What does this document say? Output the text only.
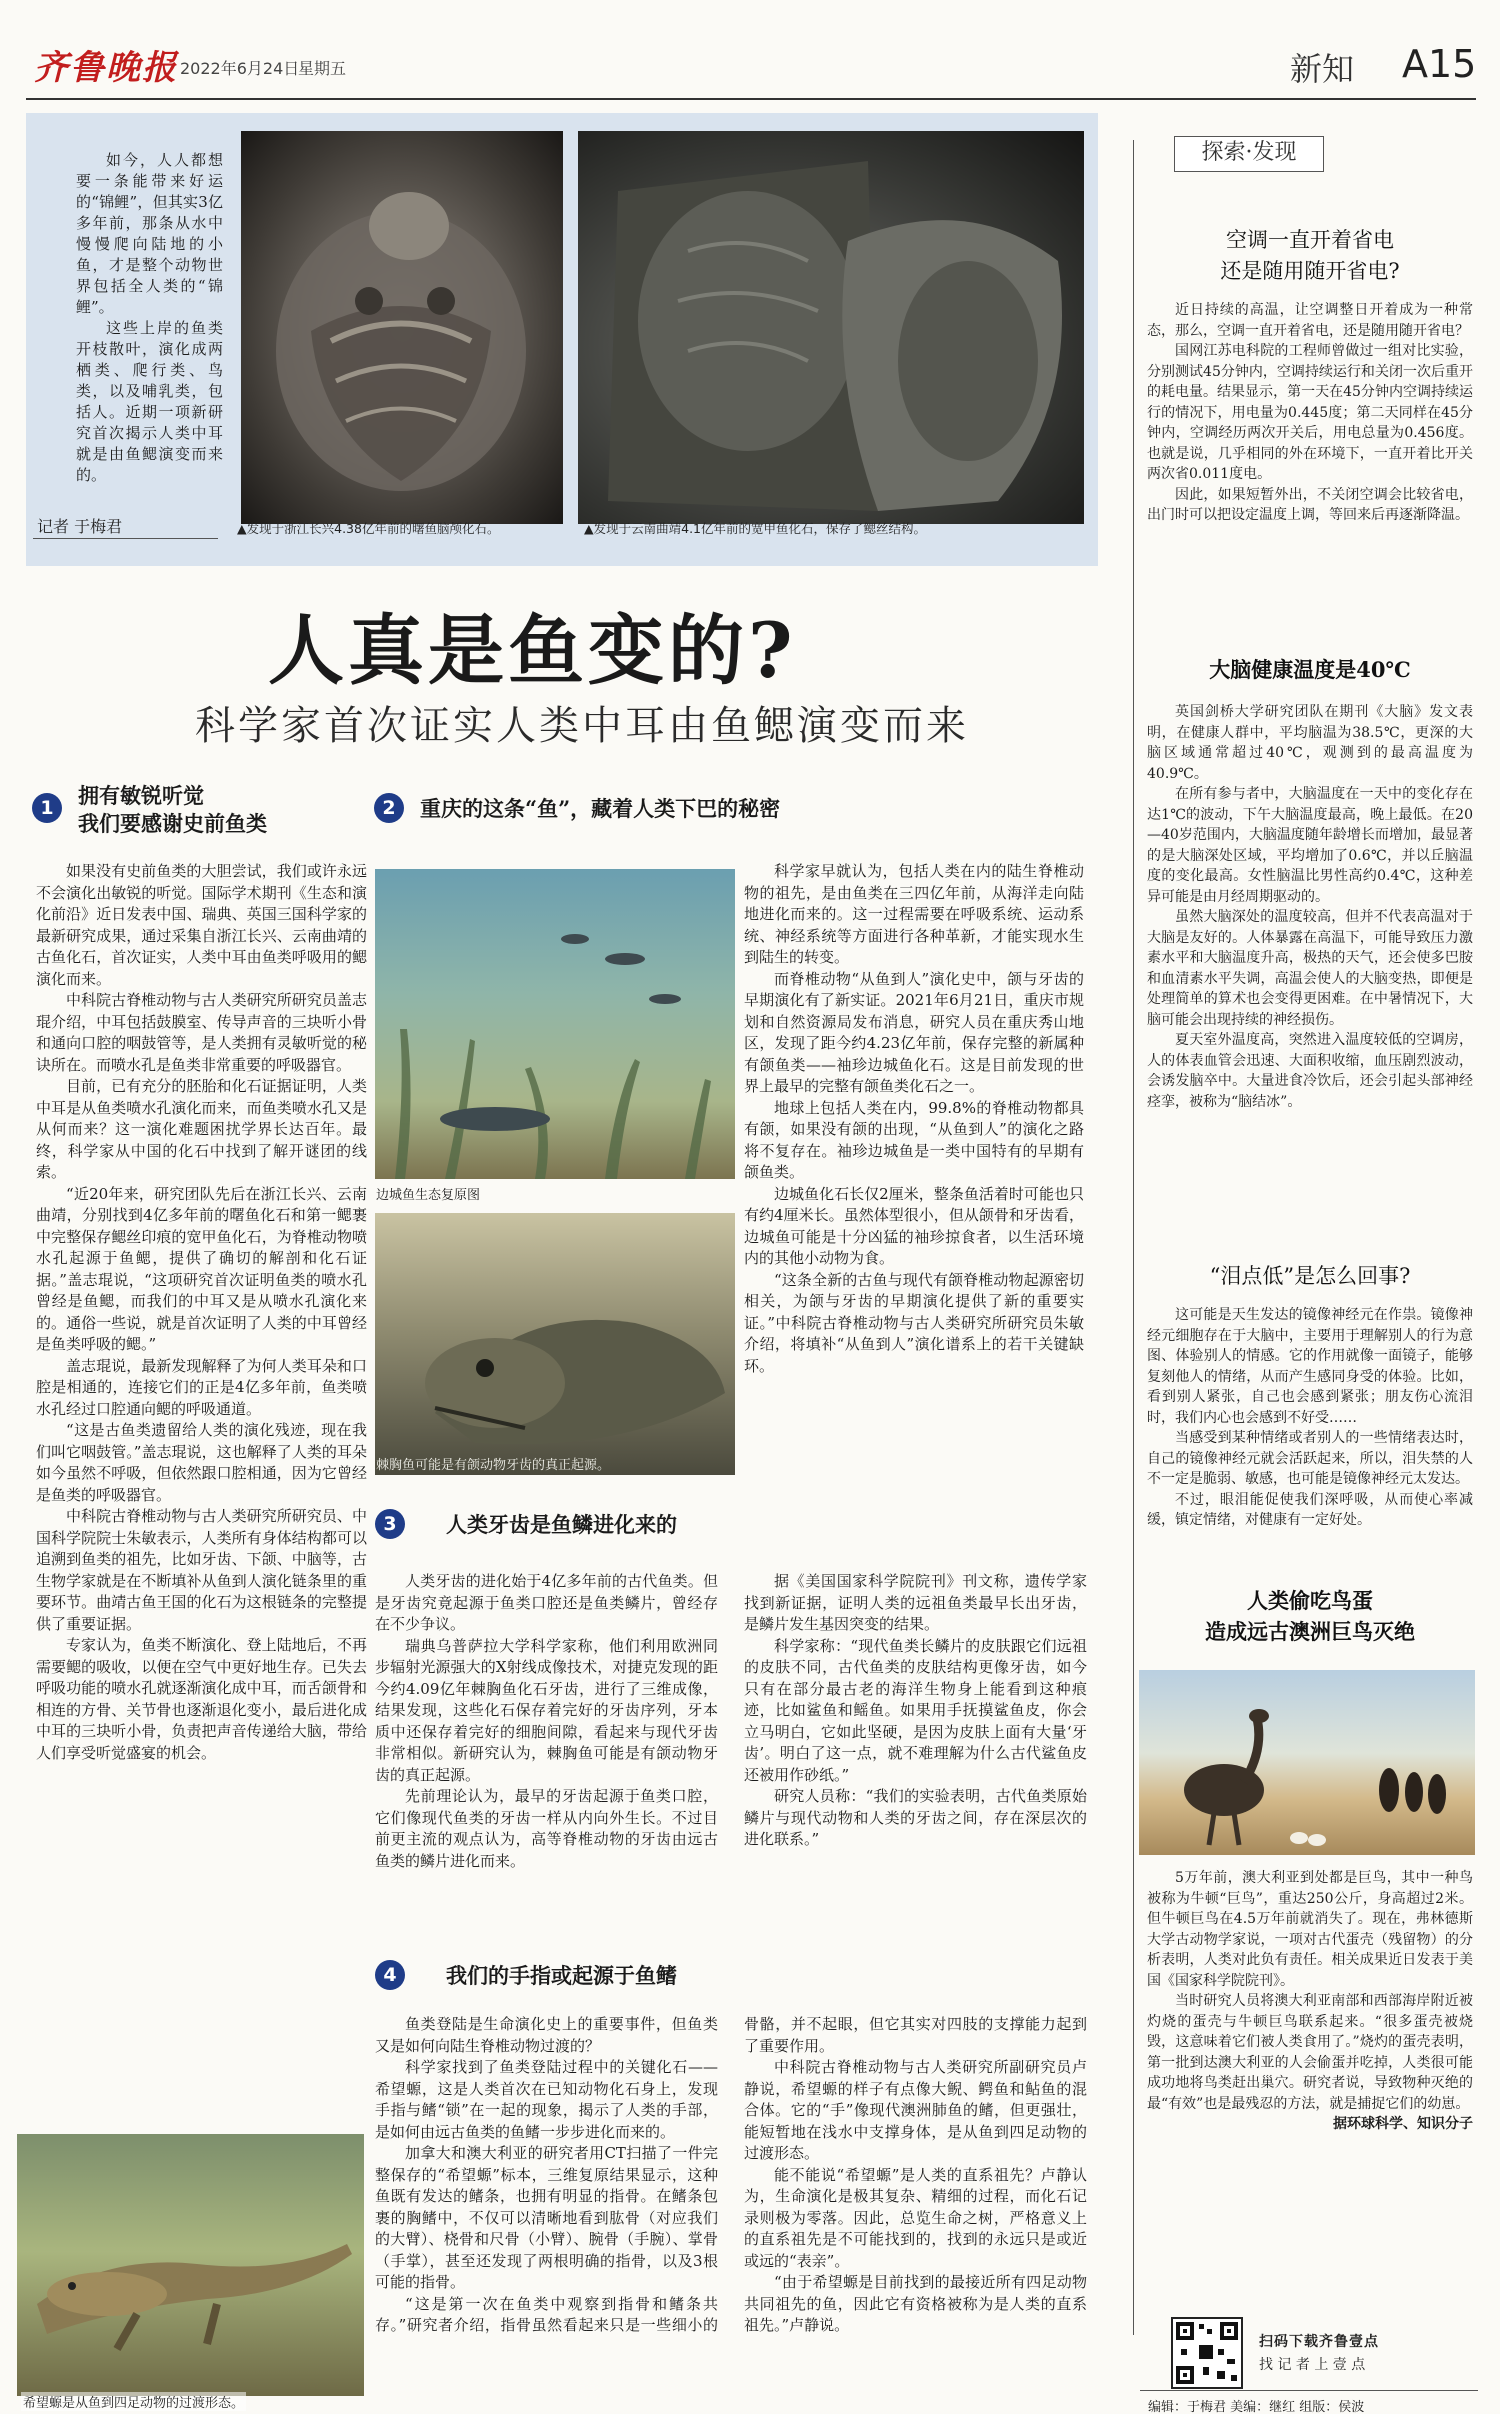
齐鲁晚报 2022年6月24日
星期五	新知 A15

如今，人人都想要一条能带来好运的“锦鲤”，但其实3亿多年前，那条从水中慢慢爬向陆地的小鱼，才是整个动物世界包括全人类的“锦鲤”。

这些上岸的鱼类开枝散叶，演化成两栖类、爬行类、鸟类，以及哺乳类，包括人。近期一项新研究首次揭示人类中耳就是由鱼鳃演变而来的。

记者 于梅君	▲发现于浙江长兴4.38亿年前的曙鱼脑颅化石。	▲发现于云南曲靖4.1亿年前的宽甲鱼化石，保存了鳃丝结构。
人真是鱼变的?
科学家首次证实人类中耳由鱼鳃演变而来
1	拥有敏锐听觉
我们要感谢史前鱼类

如果没有史前鱼类的大胆尝试，我们或许永远不会演化出敏锐的听觉。国际学术期刊《生态和演化前沿》近日发表中国、瑞典、英国三国科学家的最新研究成果，通过采集自浙江长兴、云南曲靖的古鱼化石，首次证实，人类中耳由鱼类呼吸用的鳃演化而来。

中科院古脊椎动物与古人类研究所研究员盖志琨介绍，中耳包括鼓膜室、传导声音的三块听小骨和通向口腔的咽鼓管等，是人类拥有灵敏听觉的秘诀所在。而喷水孔是鱼类非常重要的呼吸器官。

目前，已有充分的胚胎和化石证据证明，人类中耳是从鱼类喷水孔演化而来，而鱼类喷水孔又是从何而来？这一演化难题困扰学界长达百年。最终，科学家从中国的化石中找到了解开谜团的线索。

“近20年来，研究团队先后在浙江长兴、云南曲靖，分别找到4亿多年前的曙鱼化石和第一鳃裹中完整保存鳃丝印痕的宽甲鱼化石，为脊椎动物喷水孔起源于鱼鳃，提供了确切的解剖和化石证据。”盖志琨说，“这项研究首次证明鱼类的喷水孔曾经是鱼鳃，而我们的中耳又是从喷水孔演化来的。通俗一些说，就是首次证明了人类的中耳曾经是鱼类呼吸的鳃。”

盖志琨说，最新发现解释了为何人类耳朵和口腔是相通的，连接它们的正是4亿多年前，鱼类喷水孔经过口腔通向鳃的呼吸通道。

“这是古鱼类遗留给人类的演化残迹，现在我们叫它咽鼓管。”盖志琨说，这也解释了人类的耳朵如今虽然不呼吸，但依然跟口腔相通，因为它曾经是鱼类的呼吸器官。

中科院古脊椎动物与古人类研究所研究员、中国科学院院士朱敏表示，人类所有身体结构都可以追溯到鱼类的祖先，比如牙齿、下颌、中脑等，古生物学家就是在不断填补从鱼到人演化链条里的重要环节。曲靖古鱼王国的化石为这根链条的完整提供了重要证据。

专家认为，鱼类不断演化、登上陆地后，不再需要鳃的吸收，以便在空气中更好地生存。已失去呼吸功能的喷水孔就逐渐演化成中耳，而舌颌骨和相连的方骨、关节骨也逐渐退化变小，最后进化成中耳的三块听小骨，负责把声音传递给大脑，带给人们享受听觉盛宴的机会。

2	重庆的这条“鱼”，藏着人类下巴的秘密
边城鱼生态复原图
棘胸鱼可能是有颌动物牙齿的真正起源。

科学家早就认为，包括人类在内的陆生脊椎动物的祖先，是由鱼类在三四亿年前，从海洋走向陆地进化而来的。这一过程需要在呼吸系统、运动系统、神经系统等方面进行各种革新，才能实现水生到陆生的转变。

而脊椎动物“从鱼到人”演化史中，颌与牙齿的早期演化有了新实证。2021年6月21日，重庆市规划和自然资源局发布消息，研究人员在重庆秀山地区，发现了距今约4.23亿年前，保存完整的新属种有颌鱼类——袖珍边城鱼化石。这是目前发现的世界上最早的完整有颌鱼类化石之一。

地球上包括人类在内，99.8%的脊椎动物都具有颌，如果没有颌的出现，“从鱼到人”的演化之路将不复存在。袖珍边城鱼是一类中国特有的早期有颌鱼类。

边城鱼化石长仅2厘米，整条鱼活着时可能也只有约4厘米长。虽然体型很小，但从颌骨和牙齿看，边城鱼可能是十分凶猛的袖珍掠食者，以生活环境内的其他小动物为食。

“这条全新的古鱼与现代有颌脊椎动物起源密切相关，为颌与牙齿的早期演化提供了新的重要实证。”中科院古脊椎动物与古人类研究所研究员朱敏介绍，将填补“从鱼到人”演化谱系上的若干关键缺环。

3	人类牙齿是鱼鳞进化来的

人类牙齿的进化始于4亿多年前的古代鱼类。但是牙齿究竟起源于鱼类口腔还是鱼类鳞片，曾经存在不少争议。

瑞典乌普萨拉大学科学家称，他们利用欧洲同步辐射光源强大的X射线成像技术，对捷克发现的距今约4.09亿年棘胸鱼化石牙齿，进行了三维成像，结果发现，这些化石保存着完好的牙齿序列，牙本质中还保存着完好的细胞间隙，看起来与现代牙齿非常相似。新研究认为，棘胸鱼可能是有颌动物牙齿的真正起源。

先前理论认为，最早的牙齿起源于鱼类口腔，它们像现代鱼类的牙齿一样从内向外生长。不过目前更主流的观点认为，高等脊椎动物的牙齿由远古鱼类的鳞片进化而来。

据《美国国家科学院院刊》刊文称，遗传学家找到新证据，证明人类的远祖鱼类最早长出牙齿，是鳞片发生基因突变的结果。

科学家称：“现代鱼类长鳞片的皮肤跟它们远祖的皮肤不同，古代鱼类的皮肤结构更像牙齿，如今只有在部分最古老的海洋生物身上能看到这种痕迹，比如鲨鱼和鳐鱼。如果用手抚摸鲨鱼皮，你会立马明白，它如此坚硬，是因为皮肤上面有大量‘牙齿’。明白了这一点，就不难理解为什么古代鲨鱼皮还被用作砂纸。”

研究人员称：“我们的实验表明，古代鱼类原始鳞片与现代动物和人类的牙齿之间，存在深层次的进化联系。”

4	我们的手指或起源于鱼鳍

鱼类登陆是生命演化史上的重要事件，但鱼类又是如何向陆生脊椎动物过渡的？

科学家找到了鱼类登陆过程中的关键化石——希望螈，这是人类首次在已知动物化石身上，发现手指与鳍“锁”在一起的现象，揭示了人类的手部，是如何由远古鱼类的鱼鳍一步步进化而来的。

加拿大和澳大利亚的研究者用CT扫描了一件完整保存的“希望螈”标本，三维复原结果显示，这种鱼既有发达的鳍条，也拥有明显的指骨。在鳍条包裹的胸鳍中，不仅可以清晰地看到肱骨（对应我们的大臂）、桡骨和尺骨（小臂）、腕骨（手腕）、掌骨（手掌），甚至还发现了两根明确的指骨，以及3根可能的指骨。

“这是第一次在鱼类中观察到指骨和鳍条共存。”研究者介绍，指骨虽然看起来只是一些细小的骨骼，并不起眼，但它其实对四肢的支撑能力起到了重要作用。

中科院古脊椎动物与古人类研究所副研究员卢静说，希望螈的样子有点像大鲵、鳄鱼和鲇鱼的混合体。它的“手”像现代澳洲肺鱼的鳍，但更强壮，能短暂地在浅水中支撑身体，是从鱼到四足动物的过渡形态。

能不能说“希望螈”是人类的直系祖先？卢静认为，生命演化是极其复杂、精细的过程，而化石记录则极为零落。因此，总览生命之树，严格意义上的直系祖先是不可能找到的，找到的永远只是或近或远的“表亲”。

“由于希望螈是目前找到的最接近所有四足动物共同祖先的鱼，因此它有资格被称为是人类的直系祖先。”卢静说。

希望螈是从鱼到四足动物的过渡形态。
探索·发现
空调一直开着省电
还是随用随开省电?

近日持续的高温，让空调整日开着成为一种常态，那么，空调一直开着省电，还是随用随开省电？

国网江苏电科院的工程师曾做过一组对比实验，分别测试45分钟内，空调持续运行和关闭一次后重开的耗电量。结果显示，第一天在45分钟内空调持续运行的情况下，用电量为0.445度；第二天同样在45分钟内，空调经历两次开关后，用电总量为0.456度。也就是说，几乎相同的外在环境下，一直开着比开关两次省0.011度电。

因此，如果短暂外出，不关闭空调会比较省电，出门时可以把设定温度上调，等回来后再逐渐降温。

大脑健康温度是40℃

英国剑桥大学研究团队在期刊《大脑》发文表明，在健康人群中，平均脑温为38.5℃，更深的大脑区域通常超过40℃，观测到的最高温度为40.9℃。

在所有参与者中，大脑温度在一天中的变化存在达1℃的波动，下午大脑温度最高，晚上最低。在20—40岁范围内，大脑温度随年龄增长而增加，最显著的是大脑深处区域，平均增加了0.6℃，并以丘脑温度的变化最高。女性脑温比男性高约0.4℃，这种差异可能是由月经周期驱动的。

虽然大脑深处的温度较高，但并不代表高温对于大脑是友好的。人体暴露在高温下，可能导致压力激素水平和大脑温度升高，极热的天气，还会使多巴胺和血清素水平失调，高温会使人的大脑变热，即便是处理简单的算术也会变得更困难。在中暑情况下，大脑可能会出现持续的神经损伤。

夏天室外温度高，突然进入温度较低的空调房，人的体表血管会迅速、大面积收缩，血压剧烈波动，会诱发脑卒中。大量进食冷饮后，还会引起头部神经痉挛，被称为“脑结冰”。

“泪点低”是怎么回事?

这可能是天生发达的镜像神经元在作祟。镜像神经元细胞存在于大脑中，主要用于理解别人的行为意图、体验别人的情感。它的作用就像一面镜子，能够复刻他人的情绪，从而产生感同身受的体验。比如，看到别人紧张，自己也会感到紧张；朋友伤心流泪时，我们内心也会感到不好受……

当感受到某种情绪或者别人的一些情绪表达时，自己的镜像神经元就会活跃起来，所以，泪失禁的人不一定是脆弱、敏感，也可能是镜像神经元太发达。

不过，眼泪能促使我们深呼吸，从而使心率减缓，镇定情绪，对健康有一定好处。

人类偷吃鸟蛋
造成远古澳洲巨鸟灭绝

5万年前，澳大利亚到处都是巨鸟，其中一种鸟被称为牛顿“巨鸟”，重达250公斤，身高超过2米。但牛顿巨鸟在4.5万年前就消失了。现在，弗林德斯大学古动物学家说，一项对古代蛋壳（残留物）的分析表明，人类对此负有责任。相关成果近日发表于美国《国家科学院院刊》。

当时研究人员将澳大利亚南部和西部海岸附近被灼烧的蛋壳与牛顿巨鸟联系起来。“很多蛋壳被烧毁，这意味着它们被人类食用了。”烧灼的蛋壳表明，第一批到达澳大利亚的人会偷蛋并吃掉，人类很可能成功地将鸟类赶出巢穴。研究者说，导致物种灭绝的最“有效”也是最残忍的方法，就是捕捉它们的幼崽。

据环球科学、知识分子

扫码下载齐鲁壹点
找 记 者 上 壹 点
编辑：于梅君 美编：继红 组版：侯波
